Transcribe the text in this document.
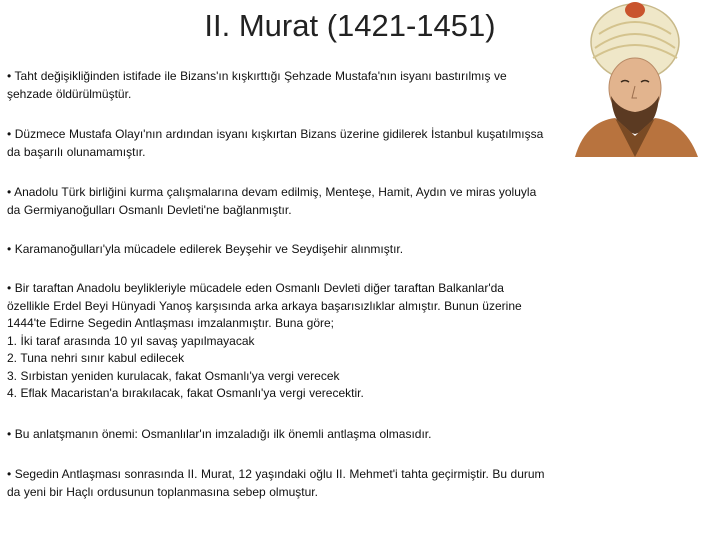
II. Murat (1421-1451)
• Taht değişikliğinden istifade ile Bizans'ın kışkırttığı Şehzade Mustafa'nın isyanı bastırılmış ve şehzade öldürülmüştür.
• Düzmece Mustafa Olayı'nın ardından isyanı kışkırtan Bizans üzerine gidilerek İstanbul kuşatılmışsa da başarılı olunamamıştır.
• Anadolu Türk birliğini kurma çalışmalarına devam edilmiş, Menteşe, Hamit, Aydın ve miras yoluyla da Germiyanoğulları Osmanlı Devleti'ne bağlanmıştır.
• Karamanoğulları'yla mücadele edilerek Beyşehir ve Seydişehir alınmıştır.
• Bir taraftan Anadolu beylikleriyle mücadele eden Osmanlı Devleti diğer taraftan Balkanlar'da özellikle Erdel Beyi Hünyadi Yanoş karşısında arka arkaya başarısızlıklar almıştır. Bunun üzerine 1444'te Edirne Segedin Antlaşması imzalanmıştır. Buna göre;
1. İki taraf arasında 10 yıl savaş yapılmayacak
2. Tuna nehri sınır kabul edilecek
3. Sırbistan yeniden kurulacak, fakat Osmanlı'ya vergi verecek
4. Eflak Macaristan'a bırakılacak, fakat Osmanlı'ya vergi verecektir.
• Bu anlatşmanın önemi: Osmanlılar'ın imzaladığı ilk önemli antlaşma olmasıdır.
• Segedin Antlaşması sonrasında II. Murat, 12 yaşındaki oğlu II. Mehmet'i tahta geçirmiştir. Bu durum da yeni bir Haçlı ordusunun toplanmasına sebep olmuştur.
